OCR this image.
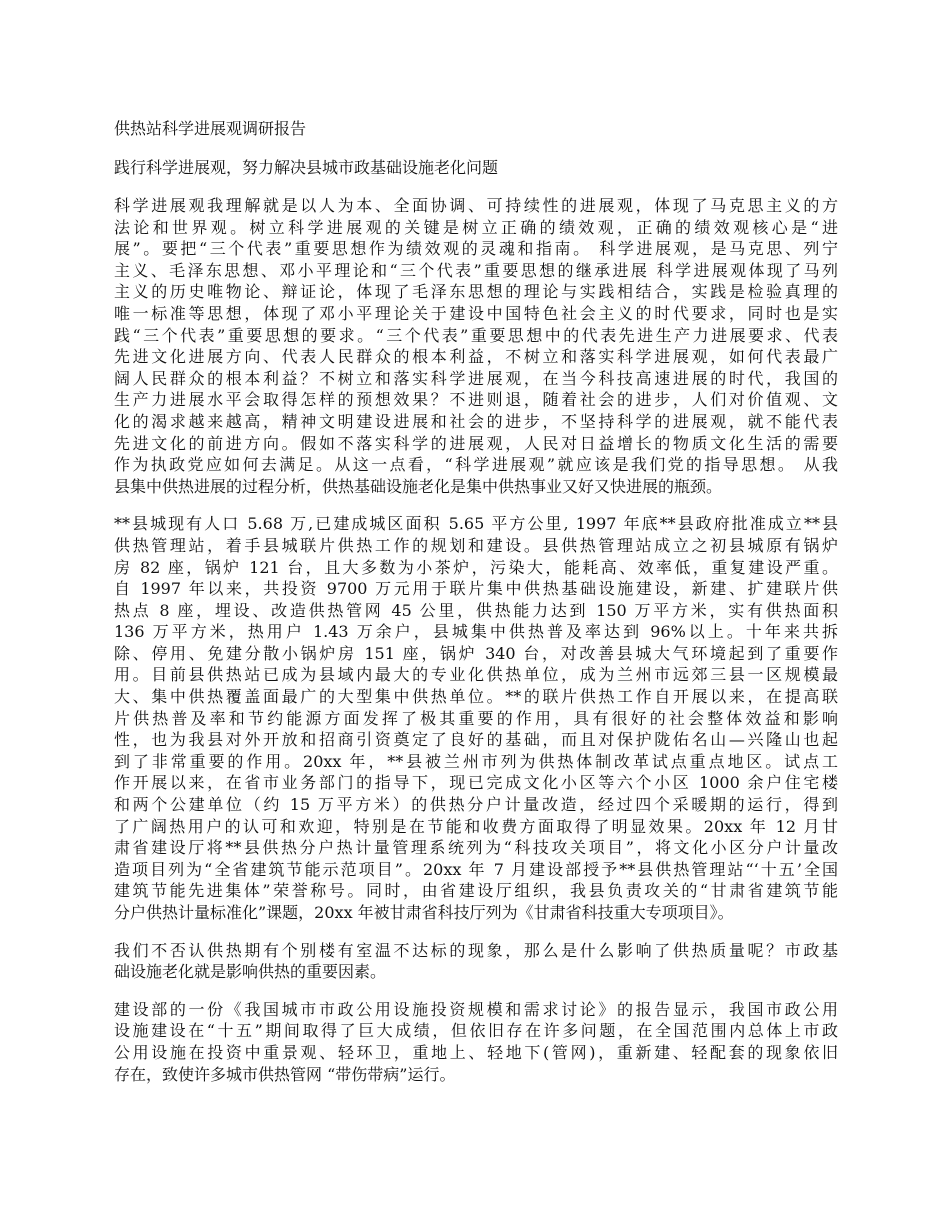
供热站科学进展观调研报告
践行科学进展观，努力解决县城市政基础设施老化问题
科学进展观我理解就是以人为本、全面协调、可持续性的进展观，体现了马克思主义的方
法论和世界观。树立科学进展观的关键是树立正确的绩效观，正确的绩效观核心是“进
展”。要把“三个代表”重要思想作为绩效观的灵魂和指南。 科学进展观，是马克思、列宁
主义、毛泽东思想、邓小平理论和“三个代表”重要思想的继承进展 科学进展观体现了马列
主义的历史唯物论、辩证论，体现了毛泽东思想的理论与实践相结合，实践是检验真理的
唯一标准等思想，体现了邓小平理论关于建设中国特色社会主义的时代要求，同时也是实
践“三个代表”重要思想的要求。“三个代表”重要思想中的代表先进生产力进展要求、代表
先进文化进展方向、代表人民群众的根本利益，不树立和落实科学进展观，如何代表最广
阔人民群众的根本利益？不树立和落实科学进展观，在当今科技高速进展的时代，我国的
生产力进展水平会取得怎样的预想效果？不进则退，随着社会的进步，人们对价值观、文
化的渴求越来越高，精神文明建设进展和社会的进步，不坚持科学的进展观，就不能代表
先进文化的前进方向。假如不落实科学的进展观，人民对日益增长的物质文化生活的需要
作为执政党应如何去满足。从这一点看，“科学进展观”就应该是我们党的指导思想。 从我
县集中供热进展的过程分析，供热基础设施老化是集中供热事业又好又快进展的瓶颈。
**县城现有人口 5.68 万,已建成城区面积 5.65 平方公里, 1997 年底**县政府批准成立**县
供热管理站，着手县城联片供热工作的规划和建设。县供热管理站成立之初县城原有锅炉
房 82 座，锅炉 121 台，且大多数为小茶炉，污染大，能耗高、效率低，重复建设严重。
自 1997 年以来，共投资 9700 万元用于联片集中供热基础设施建设，新建、扩建联片供
热点 8 座，埋设、改造供热管网 45 公里，供热能力达到 150 万平方米，实有供热面积
136 万平方米，热用户 1.43 万余户，县城集中供热普及率达到 96%以上。十年来共拆
除、停用、免建分散小锅炉房 151 座，锅炉 340 台，对改善县城大气环境起到了重要作
用。目前县供热站已成为县域内最大的专业化供热单位，成为兰州市远郊三县一区规模最
大、集中供热覆盖面最广的大型集中供热单位。**的联片供热工作自开展以来，在提高联
片供热普及率和节约能源方面发挥了极其重要的作用，具有很好的社会整体效益和影响
性，也为我县对外开放和招商引资奠定了良好的基础，而且对保护陇佑名山—兴隆山也起
到了非常重要的作用。20xx 年，**县被兰州市列为供热体制改革试点重点地区。试点工
作开展以来，在省市业务部门的指导下，现已完成文化小区等六个小区 1000 余户住宅楼
和两个公建单位（约 15 万平方米）的供热分户计量改造，经过四个采暖期的运行，得到
了广阔热用户的认可和欢迎，特别是在节能和收费方面取得了明显效果。20xx 年 12 月甘
肃省建设厅将**县供热分户热计量管理系统列为“科技攻关项目”，将文化小区分户计量改
造项目列为“全省建筑节能示范项目”。20xx 年 7 月建设部授予**县供热管理站“‘十五’全国
建筑节能先进集体”荣誉称号。同时，由省建设厅组织，我县负责攻关的“甘肃省建筑节能
分户供热计量标准化”课题，20xx 年被甘肃省科技厅列为《甘肃省科技重大专项项目》。
我们不否认供热期有个别楼有室温不达标的现象，那么是什么影响了供热质量呢？市政基
础设施老化就是影响供热的重要因素。
建设部的一份《我国城市市政公用设施投资规模和需求讨论》的报告显示，我国市政公用
设施建设在“十五”期间取得了巨大成绩，但依旧存在许多问题，在全国范围内总体上市政
公用设施在投资中重景观、轻环卫，重地上、轻地下(管网)，重新建、轻配套的现象依旧
存在，致使许多城市供热管网 “带伤带病”运行。
